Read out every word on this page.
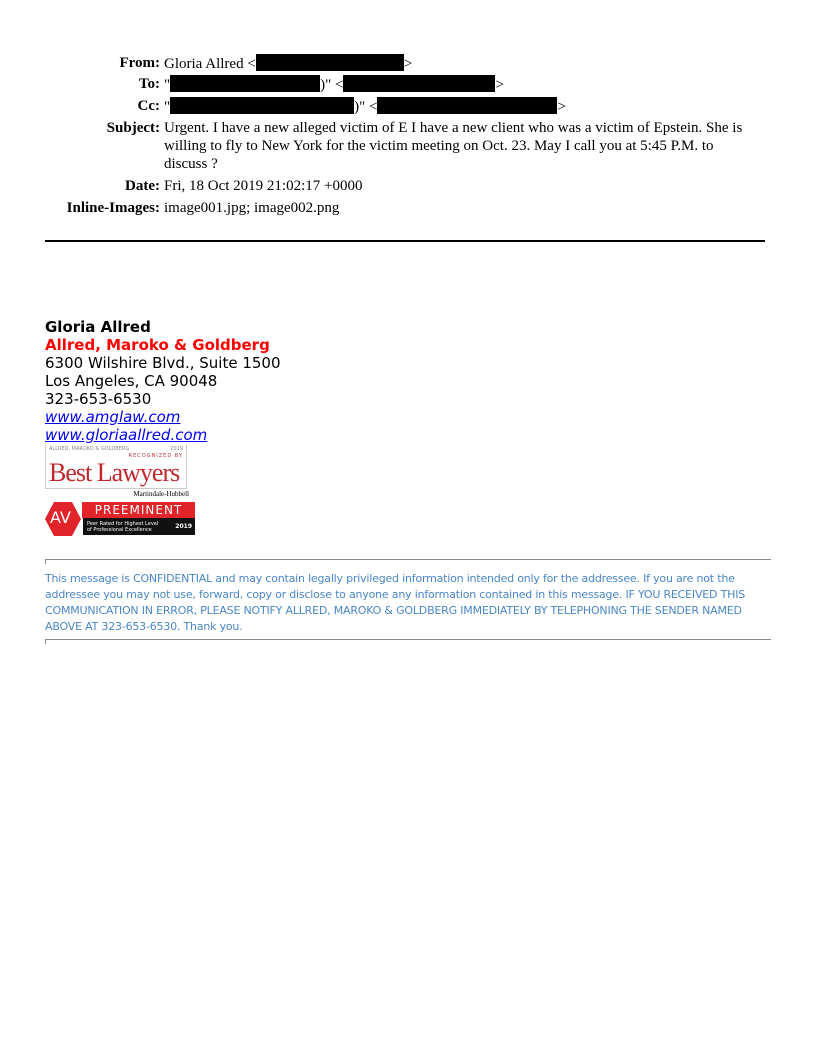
From: Gloria Allred <	>
To: "	)" <	>
Cc: "	)" <	>
Subject: Urgent. I have a new alleged victim of E I have a new client who was a victim of Epstein. She is willing to fly to New York for the victim meeting on Oct. 23. May I call you at 5:45 P.M. to discuss ?
Date: Fri, 18 Oct 2019 21:02:17 +0000
Inline-Images: image001.jpg; image002.png
Gloria Allred
Allred, Maroko & Goldberg
6300 Wilshire Blvd., Suite 1500
Los Angeles, CA 90048
323-653-6530
www.amglaw.com
www.gloriaallred.com
ALLRED, MAROKO & GOLDBERG	2019
RECOGNIZED BY
Best Lawyers
Martindale-Hubbell
AV	PREEMINENT
Peer Rated for Highest Level
of Professional Excellence	2019
This message is CONFIDENTIAL and may contain legally privileged information intended only for the addressee. If you are not the addressee you may not use, forward, copy or disclose to anyone any information contained in this message. IF YOU RECEIVED THIS COMMUNICATION IN ERROR, PLEASE NOTIFY ALLRED, MAROKO & GOLDBERG IMMEDIATELY BY TELEPHONING THE SENDER NAMED ABOVE AT 323-653-6530. Thank you.
